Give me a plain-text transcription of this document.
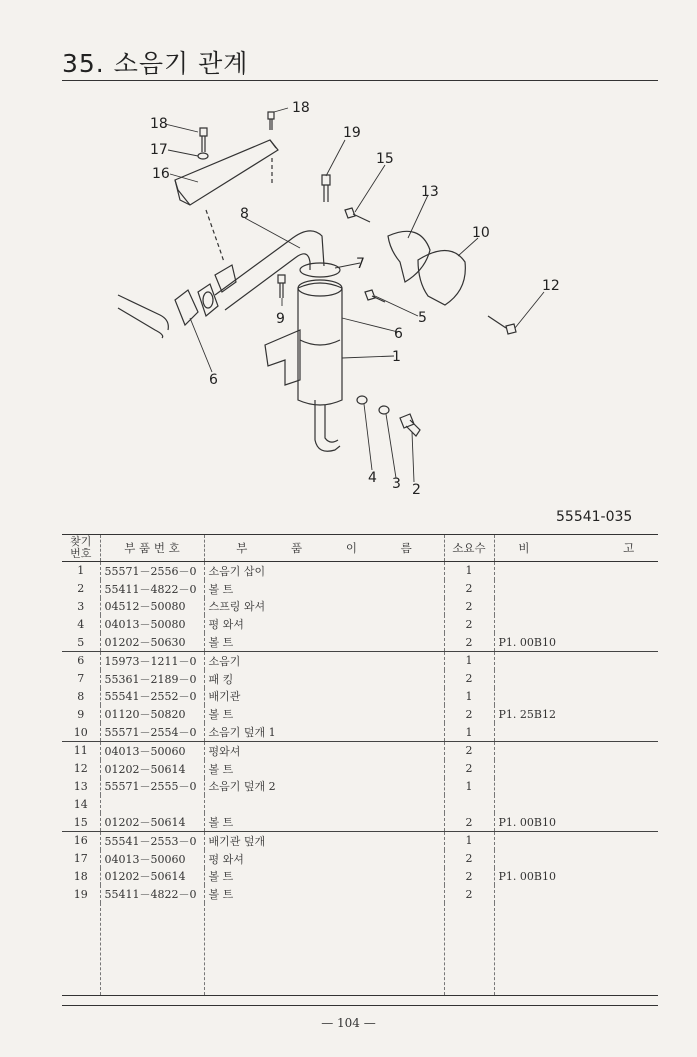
35. 소음기 관계
18
18
17
16
19
15
13
10
8
7
12
9	5
6
1
6
4 3 2
55541-035
찾기
번호	부 품 번 호	부 품 이 름	소요수	비 고
1	55571－2556－0	소음기 삽이	1	
2	55411－4822－0	볼 트	2	
3	04512－50080	스프링 와셔	2	
4	04013－50080	평 와셔	2	
5	01202－50630	볼 트	2	P1. 00B10
6	15973－1211－0	소음기	1	
7	55361－2189－0	패 킹	2	
8	55541－2552－0	배기관	1	
9	01120－50820	볼 트	2	P1. 25B12
10	55571－2554－0	소음기 덮개 1	1	
11	04013－50060	평와셔	2	
12	01202－50614	볼 트	2	
13	55571－2555－0	소음기 덮개 2	1	
14				
15	01202－50614	볼 트	2	P1. 00B10
16	55541－2553－0	배기관 덮개	1	
17	04013－50060	평 와셔	2	
18	01202－50614	볼 트	2	P1. 00B10
19	55411－4822－0	볼 트	2	

— 104 —
